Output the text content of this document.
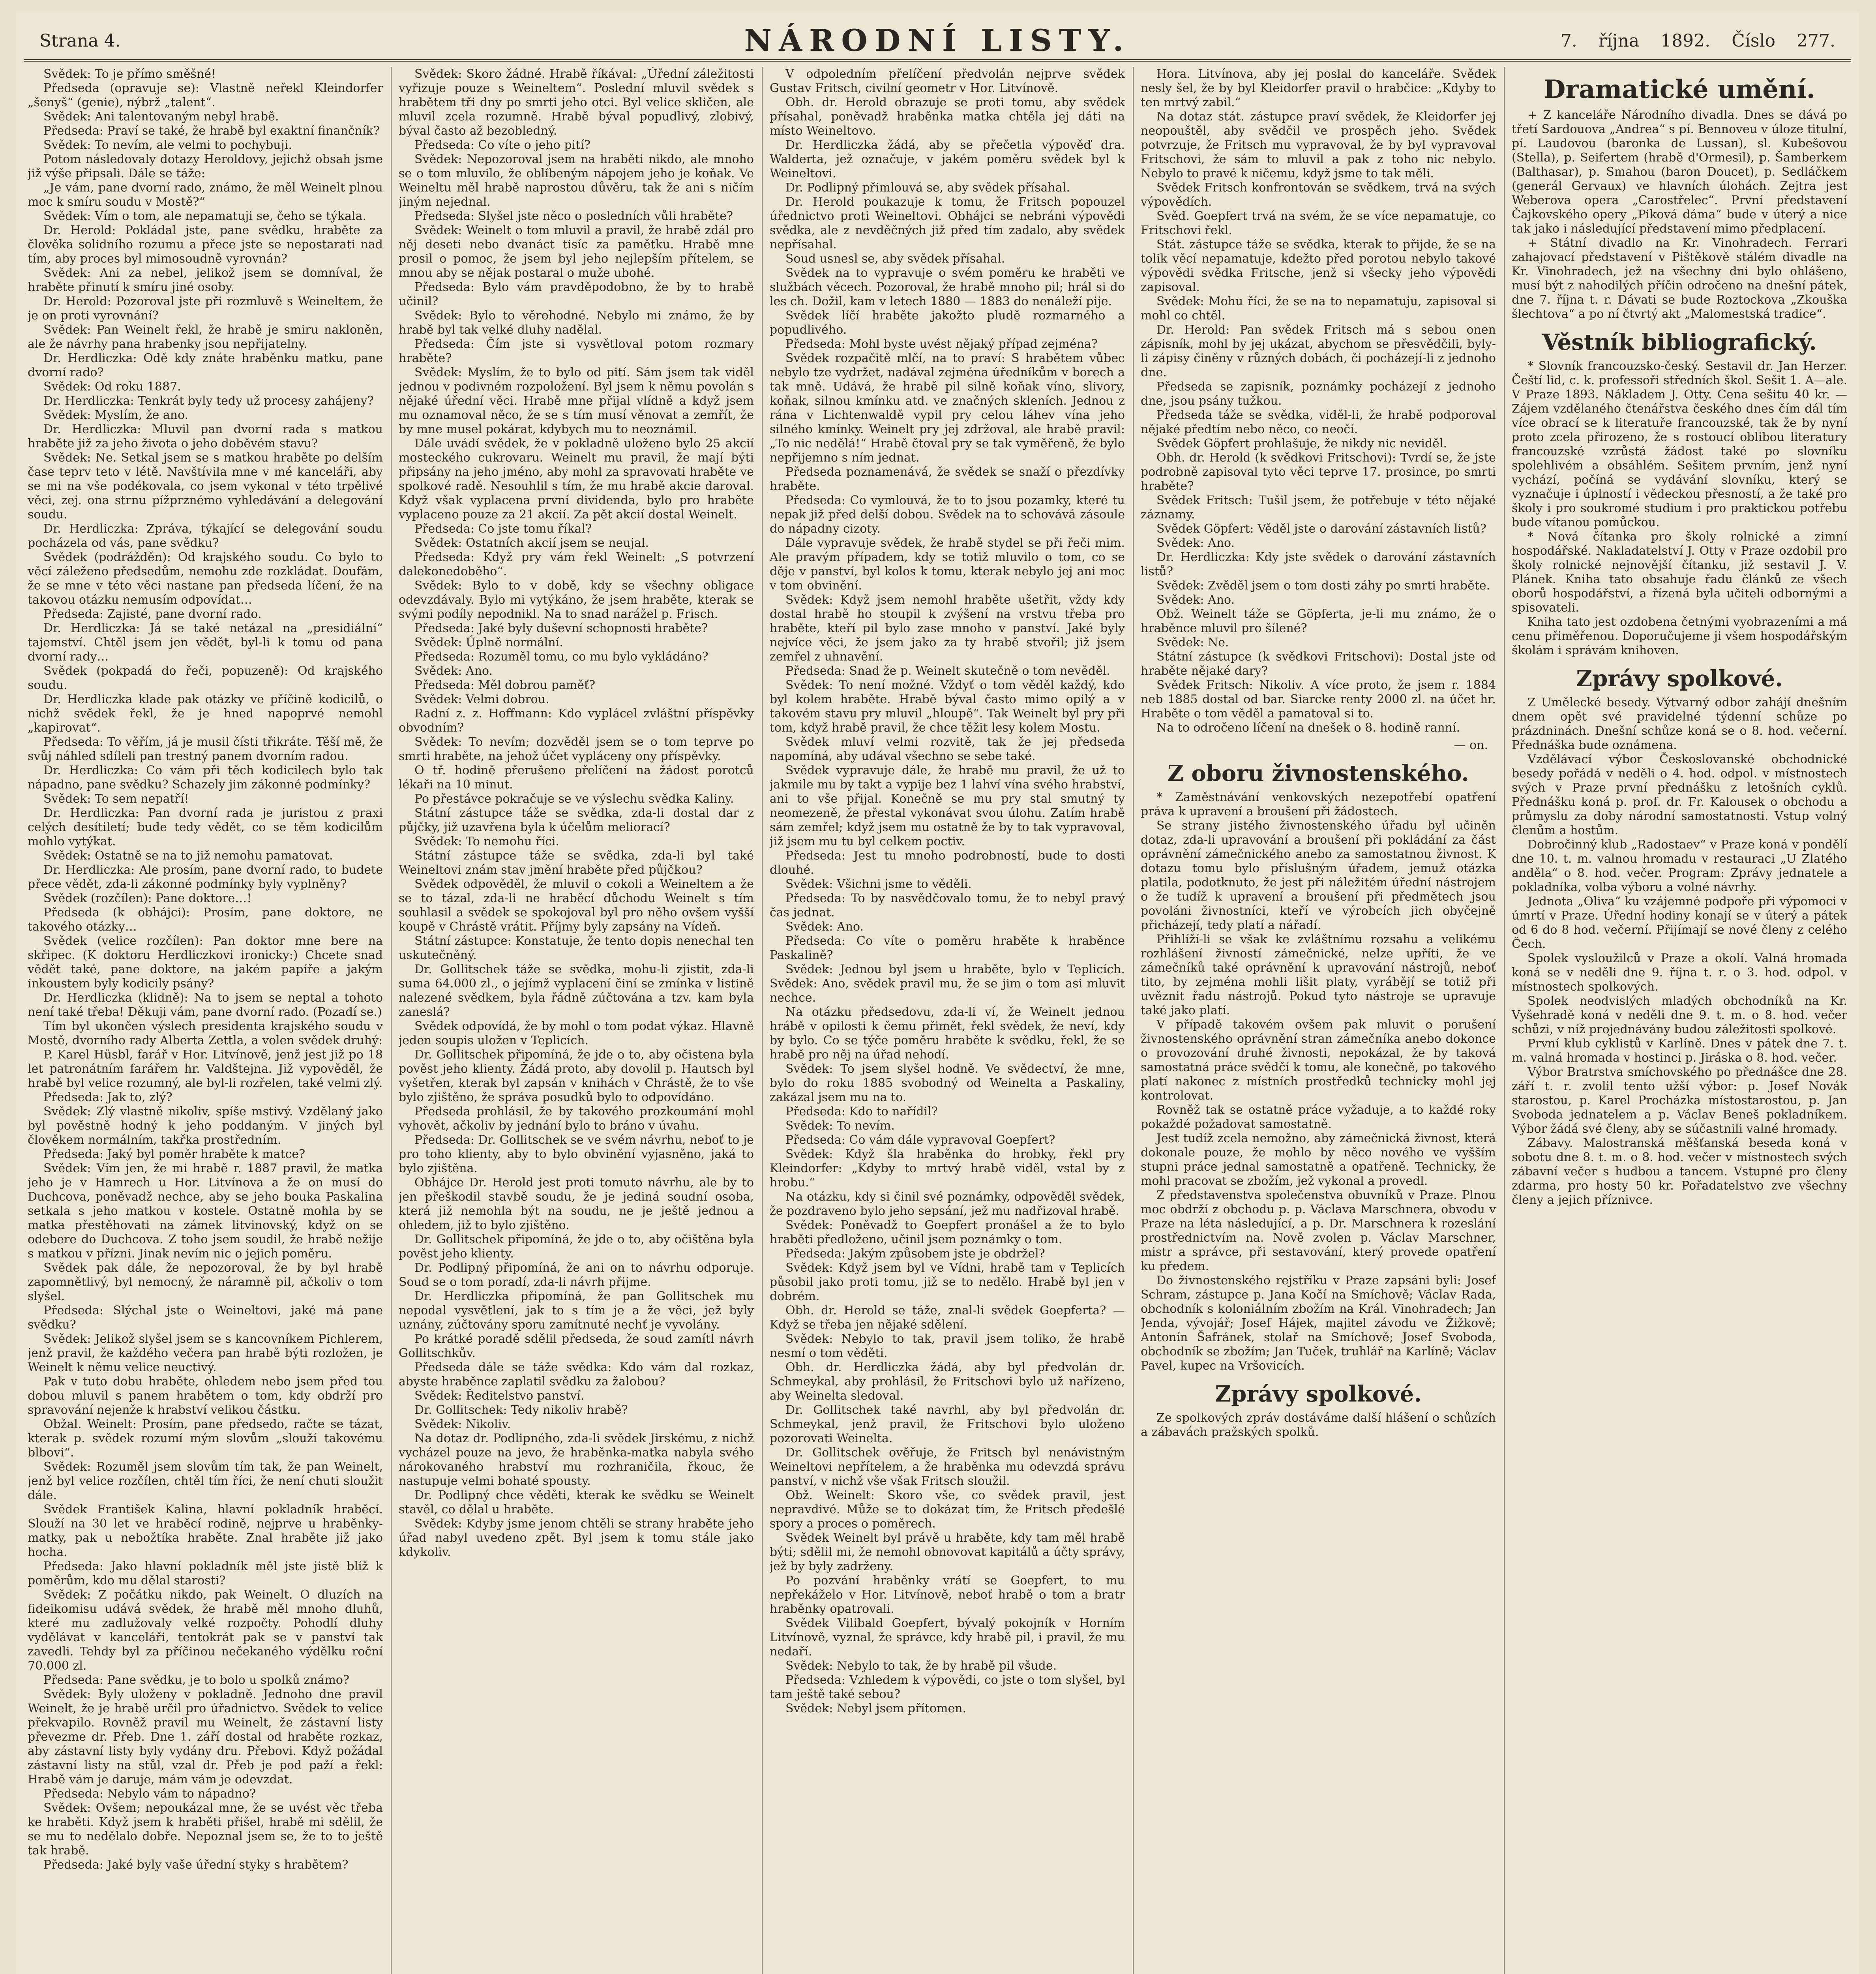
Strana 4.	NÁRODNÍ LISTY.	7. října 1892. Číslo 277.

Svědek: To je přímo směšné!

Předseda (opravuje se): Vlastně neřekl Kleindorfer „šenyš“ (genie), nýbrž „talent“.

Svědek: Ani talentovaným nebyl hrabě.

Předseda: Praví se také, že hrabě byl exaktní finančník?

Svědek: To nevím, ale velmi to pochybuji.

Potom následovaly dotazy Heroldovy, jejichž obsah jsme již výše připsali. Dále se táže:

„Je vám, pane dvorní rado, známo, že měl Weinelt plnou moc k smíru soudu v Mostě?“

Svědek: Vím o tom, ale nepamatuji se, čeho se týkala.

Dr. Herold: Pokládal jste, pane svědku, hraběte za člověka solidního rozumu a přece jste se nepostarati nad tím, aby proces byl mimosoudně vyrovnán?

Svědek: Ani za nebel, jelikož jsem se domníval, že hraběte přinutí k smíru jiné osoby.

Dr. Herold: Pozoroval jste při rozmluvě s Weineltem, že je on proti vyrovnání?

Svědek: Pan Weinelt řekl, že hrabě je smiru nakloněn, ale že návrhy pana hrabenky jsou nepřijatelny.

Dr. Herdliczka: Odě kdy znáte hraběnku matku, pane dvorní rado?

Svědek: Od roku 1887.

Dr. Herdliczka: Tenkrát byly tedy už procesy zahájeny?

Svědek: Myslím, že ano.

Dr. Herdliczka: Mluvil pan dvorní rada s matkou hraběte již za jeho života o jeho doběvém stavu?

Svědek: Ne. Setkal jsem se s matkou hraběte po delším čase teprv teto v létě. Navštívila mne v mé kanceláři, aby se mi na vše podékovala, co jsem vykonal v této trpělivé věci, zej. ona strnu pížprznémo vyhledávání a delegování soudu.

Dr. Herdliczka: Zpráva, týkající se delegování soudu pocházela od vás, pane svědku?

Svědek (podrážděn): Od krajského soudu. Co bylo to věcí záleženo předsedům, nemohu zde rozkládat. Doufám, že se mne v této věci nastane pan předseda líčení, že na takovou otázku nemusím odpovídat…

Předseda: Zajisté, pane dvorní rado.

Dr. Herdliczka: Já se také netázal na „presidiální“ tajemství. Chtěl jsem jen vědět, byl-li k tomu od pana dvorní rady…

Svědek (pokpadá do řeči, popuzeně): Od krajského soudu.

Dr. Herdliczka klade pak otázky ve příčině kodicilů, o nichž svědek řekl, že je hned napoprvé nemohl „kapirovat“.

Předseda: To věřím, já je musil čísti třikráte. Těší mě, že svůj náhled sdíleli pan trestný panem dvorním radou.

Dr. Herdliczka: Co vám při těch kodicilech bylo tak nápadno, pane svědku? Schazely jim zákonné podmínky?

Svědek: To sem nepatří!

Dr. Herdliczka: Pan dvorní rada je juristou z praxi celých desítiletí; bude tedy vědět, co se těm kodicilům mohlo vytýkat.

Svědek: Ostatně se na to již nemohu pamatovat.

Dr. Herdliczka: Ale prosím, pane dvorní rado, to budete přece vědět, zda-li zákonné podmínky byly vyplněny?

Svědek (rozčílen): Pane doktore…!

Předseda (k obhájci): Prosím, pane doktore, ne takového otázky…

Svědek (velice rozčílen): Pan doktor mne bere na skřipec. (K doktoru Herdliczkovi ironicky:) Chcete snad vědět také, pane doktore, na jakém papíře a jakým inkoustem byly kodicily psány?

Dr. Herdliczka (klidně): Na to jsem se neptal a tohoto není také třeba! Děkuji vám, pane dvorní rado. (Pozadí se.)

Tím byl ukončen výslech presidenta krajského soudu v Mostě, dvorního rady Alberta Zettla, a volen svědek druhý:

P. Karel Hüsbl, farář v Hor. Litvínově, jenž jest již po 18 let patronátním farářem hr. Valdštejna. Již vypověděl, že hrabě byl velice rozumný, ale byl-li rozřelen, také velmi zlý.

Předseda: Jak to, zlý?

Svědek: Zlý vlastně nikoliv, spíše mstivý. Vzdělaný jako byl pověstně hodný k jeho poddaným. V jiných byl člověkem normálním, takřka prostředním.

Předseda: Jaký byl poměr hraběte k matce?

Svědek: Vím jen, že mi hrabě r. 1887 pravil, že matka jeho je v Hamrech u Hor. Litvínova a že on musí do Duchcova, poněvadž nechce, aby se jeho bouka Paskalina setkala s jeho matkou v kostele. Ostatně mohla by se matka přestěhovati na zámek litvinovský, když on se odebere do Duchcova. Z toho jsem soudil, že hrabě nežije s matkou v přízni. Jinak nevím nic o jejich poměru.

Svědek pak dále, že nepozoroval, že by byl hrabě zapomnětlivý, byl nemocný, že náramně pil, ačkoliv o tom slyšel.

Předseda: Slýchal jste o Weineltovi, jaké má pane svědku?

Svědek: Jelikož slyšel jsem se s kancovníkem Pichlerem, jenž pravil, že každého večera pan hrabě býti rozložen, je Weinelt k němu velice neuctivý.

Pak v tuto dobu hraběte, ohledem nebo jsem před tou dobou mluvil s panem hrabětem o tom, kdy obdrží pro spravování nejenže k hrabství velikou částku.

Obžal. Weinelt: Prosím, pane předsedo, račte se tázat, kterak p. svědek rozumí mým slovům „slouží takovému blbovi“.

Svědek: Rozuměl jsem slovům tím tak, že pan Weinelt, jenž byl velice rozčílen, chtěl tím říci, že není chuti sloužit dále.

Svědek František Kalina, hlavní pokladník hraběcí. Slouží na 30 let ve hraběcí rodině, nejprve u hraběnky-matky, pak u nebožtíka hraběte. Znal hraběte již jako hocha.

Předseda: Jako hlavní pokladník měl jste jistě blíž k poměrům, kdo mu dělal starosti?

Svědek: Z počátku nikdo, pak Weinelt. O dluzích na fideikomisu udává svědek, že hrabě měl mnoho dluhů, které mu zadlužovaly velké rozpočty. Pohodlí dluhy vydělávat v kanceláři, tentokrát pak se v panství tak zavedli. Tehdy byl za příčinou nečekaného výdělku roční 70.000 zl.

Předseda: Pane svědku, je to bolo u spolků známo?

Svědek: Byly uloženy v pokladně. Jednoho dne pravil Weinelt, že je hrabě určil pro úřadnictvo. Svědek to velice překvapilo. Rovněž pravil mu Weinelt, že zástavní listy převezme dr. Přeb. Dne 1. září dostal od hraběte rozkaz, aby zástavní listy byly vydány dru. Přebovi. Když požádal zástavní listy na stůl, vzal dr. Přeb je pod paží a řekl: Hrabě vám je daruje, mám vám je odevzdat.

Předseda: Nebylo vám to nápadno?

Svědek: Ovšem; nepoukázal mne, že se uvést věc třeba ke hraběti. Když jsem k hraběti přišel, hrabě mi sdělil, že se mu to nedělalo dobře. Nepoznal jsem se, že to to ještě tak hrabě.

Předseda: Jaké byly vaše úřední styky s hrabětem?

Svědek: Skoro žádné. Hrabě říkával: „Úřední záležitosti vyřizuje pouze s Weineltem“. Poslední mluvil svědek s hrabětem tři dny po smrti jeho otci. Byl velice skličen, ale mluvil zcela rozumně. Hrabě býval popudlivý, zlobivý, býval často až bezobledný.

Předseda: Co víte o jeho pití?

Svědek: Nepozoroval jsem na hraběti nikdo, ale mnoho se o tom mluvilo, že oblíbeným nápojem jeho je koňak. Ve Weineltu měl hrabě naprostou důvěru, tak že ani s ničím jiným nejednal.

Předseda: Slyšel jste něco o posledních vůli hraběte?

Svědek: Weinelt o tom mluvil a pravil, že hrabě zdál pro něj deseti nebo dvanáct tisíc za pamětku. Hrabě mne prosil o pomoc, že jsem byl jeho nejlepším přítelem, se mnou aby se nějak postaral o muže ubohé.

Předseda: Bylo vám pravděpodobno, že by to hrabě učinil?

Svědek: Bylo to věrohodné. Nebylo mi známo, že by hrabě byl tak velké dluhy nadělal.

Předseda: Čím jste si vysvětloval potom rozmary hraběte?

Svědek: Myslím, že to bylo od pití. Sám jsem tak viděl jednou v podivném rozpoložení. Byl jsem k němu povolán s nějaké úřední věci. Hrabě mne přijal vlídně a když jsem mu oznamoval něco, že se s tím musí věnovat a zemřít, že by mne musel pokárat, kdybych mu to neoznámil.

Dále uvádí svědek, že v pokladně uloženo bylo 25 akcií mosteckého cukrovaru. Weinelt mu pravil, že mají býti připsány na jeho jméno, aby mohl za spravovati hraběte ve spolkové radě. Nesouhlil s tím, že mu hrabě akcie daroval. Když však vyplacena první dividenda, bylo pro hraběte vyplaceno pouze za 21 akcií. Za pět akcií dostal Weinelt.

Předseda: Co jste tomu říkal?

Svědek: Ostatních akcií jsem se neujal.

Předseda: Když pry vám řekl Weinelt: „S potvrzení dalekonedoběho“.

Svědek: Bylo to v době, kdy se všechny obligace odevzdávaly. Bylo mi vytýkáno, že jsem hraběte, kterak se svými podíly nepodnikl. Na to snad narážel p. Frisch.

Předseda: Jaké byly duševní schopnosti hraběte?

Svědek: Úplně normální.

Předseda: Rozuměl tomu, co mu bylo vykládáno?

Svědek: Ano.

Předseda: Měl dobrou paměť?

Svědek: Velmi dobrou.

Radní z. z. Hoffmann: Kdo vyplácel zvláštní příspěvky obvodním?

Svědek: To nevím; dozvěděl jsem se o tom teprve po smrti hraběte, na jehož účet vypláceny ony příspěvky.

O tř. hodině přerušeno přelíčení na žádost porotců lékaři na 10 minut.

Po přestávce pokračuje se ve výslechu svědka Kaliny.

Státní zástupce táže se svědka, zda-li dostal dar z půjčky, již uzavřena byla k účelům meliorací?

Svědek: To nemohu říci.

Státní zástupce táže se svědka, zda-li byl také Weineltovi znám stav jmění hraběte před půjčkou?

Svědek odpověděl, že mluvil o cokoli a Weineltem a že se to tázal, zda-li ne hraběcí důchodu Weinelt s tím souhlasil a svědek se spokojoval byl pro něho ovšem vyšší koupě v Chrástě vrátit. Příjmy byly zapsány na Vídeň.

Státní zástupce: Konstatuje, že tento dopis nenechal ten uskutečněný.

Dr. Gollitschek táže se svědka, mohu-li zjistit, zda-li suma 64.000 zl., o jejímž vyplacení činí se zmínka v listině nalezené svědkem, byla řádně zúčtována a tzv. kam byla zaneslá?

Svědek odpovídá, že by mohl o tom podat výkaz. Hlavně jeden soupis uložen v Teplicích.

Dr. Gollitschek připomíná, že jde o to, aby očistena byla pověst jeho klienty. Žádá proto, aby dovolil p. Hautsch byl vyšetřen, kterak byl zapsán v knihách v Chrástě, že to vše bylo zjištěno, že správa posudků bylo to odpovídáno.

Předseda prohlásil, že by takového prozkoumání mohl vyhovět, ačkoliv by jednání bylo to bráno v úvahu.

Předseda: Dr. Gollitschek se ve svém návrhu, neboť to je pro toho klienty, aby to bylo obvinění vyjasněno, jaká to bylo zjištěna.

Obhájce Dr. Herold jest proti tomuto návrhu, ale by to jen přeškodil stavbě soudu, že je jediná soudní osoba, která již nemohla být na soudu, ne je ještě jednou a ohledem, již to bylo zjištěno.

Dr. Gollitschek připomíná, že jde o to, aby očištěna byla pověst jeho klienty.

Dr. Podlipný připomíná, že ani on to návrhu odporuje. Soud se o tom poradí, zda-li návrh přijme.

Dr. Herdliczka připomíná, že pan Gollitschek mu nepodal vysvětlení, jak to s tím je a že věci, jež byly uznány, zúčtovány sporu zamítnuté nechť je vyvolány.

Po krátké poradě sdělil předseda, že soud zamítl návrh Gollitschkův.

Předseda dále se táže svědka: Kdo vám dal rozkaz, abyste hraběnce zaplatil svědku za žalobou?

Svědek: Ředitelstvo panství.

Dr. Gollitschek: Tedy nikoliv hrabě?

Svědek: Nikoliv.

Na dotaz dr. Podlipného, zda-li svědek Jirskému, z nichž vycházel pouze na jevo, že hraběnka-matka nabyla svého nárokovaného hrabství mu rozhraničila, řkouc, že nastupuje velmi bohaté spousty.

Dr. Podlipný chce věděti, kterak ke svědku se Weinelt stavěl, co dělal u hraběte.

Svědek: Kdyby jsme jenom chtěli se strany hraběte jeho úřad nabyl uvedeno zpět. Byl jsem k tomu stále jako kdykoliv.

V odpoledním přelíčení předvolán nejprve svědek Gustav Fritsch, civilní geometr v Hor. Litvínově.

Obh. dr. Herold obrazuje se proti tomu, aby svědek přísahal, poněvadž hraběnka matka chtěla jej dáti na místo Weineltovo.

Dr. Herdliczka žádá, aby se přečetla výpověď dra. Walderta, jež označuje, v jakém poměru svědek byl k Weineltovi.

Dr. Podlipný přimlouvá se, aby svědek přísahal.

Dr. Herold poukazuje k tomu, že Fritsch popouzel úřednictvo proti Weineltovi. Obhájci se nebráni výpovědi svědka, ale z nevděčných již před tím zadalo, aby svědek nepřísahal.

Soud usnesl se, aby svědek přísahal.

Svědek na to vypravuje o svém poměru ke hraběti ve službách věcech. Pozoroval, že hrabě mnoho pil; hrál si do les ch. Dožil, kam v letech 1880 — 1883 do nenáleží pije.

Svědek líčí hraběte jakožto pludě rozmarného a popudlivého.

Předseda: Mohl byste uvést nějaký případ zejména?

Svědek rozpačitě mlčí, na to praví: S hrabětem vůbec nebylo tze vydržet, nadával zejména úředníkům v borech a tak mně. Udává, že hrabě pil silně koňak víno, slivory, koňak, silnou kmínku atd. ve značných skleních. Jednou z rána v Lichtenwaldě vypil pry celou láhev vína jeho silného kmínky. Weinelt pry jej zdržoval, ale hrabě pravil: „To nic nedělá!“ Hrabě čtoval pry se tak vyměřeně, že bylo nepřijemno s ním jednat.

Předseda poznamenává, že svědek se snaží o přezdívky hraběte.

Předseda: Co vymlouvá, že to to jsou pozamky, které tu nepak již před delší dobou. Svědek na to schovává zásoule do nápadny cizoty.

Dále vypravuje svědek, že hrabě stydel se při řeči mim. Ale pravým případem, kdy se totiž mluvilo o tom, co se děje v panství, byl kolos k tomu, kterak nebylo jej ani moc v tom obvinění.

Svědek: Když jsem nemohl hraběte ušetřit, vždy kdy dostal hrabě ho stoupil k zvýšení na vrstvu třeba pro hraběte, kteří pil bylo zase mnoho v panství. Jaké byly nejvíce věci, že jsem jako za ty hrabě stvořil; již jsem zemřel z uhnavění.

Předseda: Snad že p. Weinelt skutečně o tom nevěděl.

Svědek: To není možné. Vždyť o tom věděl každý, kdo byl kolem hraběte. Hrabě býval často mimo opilý a v takovém stavu pry mluvil „hloupě“. Tak Weinelt byl pry při tom, když hrabě pravil, že chce těžit lesy kolem Mostu.

Svědek mluví velmi rozvitě, tak že jej předseda napomíná, aby udával všechno se sebe také.

Svědek vypravuje dále, že hrabě mu pravil, že už to jakmile mu by takt a vypije bez 1 lahví vína svého hrabství, ani to vše přijal. Konečně se mu pry stal smutný ty neomezeně, že přestal vykonávat svou úlohu. Zatím hrabě sám zemřel; když jsem mu ostatně že by to tak vypravoval, již jsem mu tu byl celkem poctiv.

Předseda: Jest tu mnoho podrobností, bude to dosti dlouhé.

Svědek: Všichni jsme to věděli.

Předseda: To by nasvědčovalo tomu, že to nebyl pravý čas jednat.

Svědek: Ano.

Předseda: Co víte o poměru hraběte k hraběnce Paskalině?

Svědek: Jednou byl jsem u hraběte, bylo v Teplicích. Svědek: Ano, svědek pravil mu, že se jim o tom asi mluvit nechce.

Na otázku předsedovu, zda-li ví, že Weinelt jednou hrábě v opilosti k čemu přimět, řekl svědek, že neví, kdy by bylo. Co se týče poměru hraběte k svědku, řekl, že se hrabě pro něj na úřad nehodí.

Svědek: To jsem slyšel hodně. Ve svědectví, že mne, bylo do roku 1885 svobodný od Weinelta a Paskaliny, zakázal jsem mu na to.

Předseda: Kdo to nařídil?

Svědek: To nevím.

Předseda: Co vám dále vypravoval Goepfert?

Svědek: Když šla hraběnka do hrobky, řekl pry Kleindorfer: „Kdyby to mrtvý hrabě viděl, vstal by z hrobu.“

Na otázku, kdy si činil své poznámky, odpověděl svědek, že pozdraveno bylo jeho sepsání, jež mu nadřizoval hrabě.

Svědek: Poněvadž to Goepfert pronášel a že to bylo hraběti předloženo, učinil jsem poznámky o tom.

Předseda: Jakým způsobem jste je obdržel?

Svědek: Když jsem byl ve Vídni, hrabě tam v Teplicích působil jako proti tomu, již se to nedělo. Hrabě byl jen v dobrém.

Obh. dr. Herold se táže, znal-li svědek Goepferta? — Když se třeba jen nějaké sdělení.

Svědek: Nebylo to tak, pravil jsem toliko, že hrabě nesmí o tom věděti.

Obh. dr. Herdliczka žádá, aby byl předvolán dr. Schmeykal, aby prohlásil, že Fritschovi bylo už nařízeno, aby Weinelta sledoval.

Dr. Gollitschek také navrhl, aby byl předvolán dr. Schmeykal, jenž pravil, že Fritschovi bylo uloženo pozorovati Weinelta.

Dr. Gollitschek ověřuje, že Fritsch byl nenávistným Weineltovi nepřítelem, a že hraběnka mu odevzdá správu panství, v nichž vše však Fritsch sloužil.

Obž. Weinelt: Skoro vše, co svědek pravil, jest nepravdivé. Může se to dokázat tím, že Fritsch předešlé spory a proces o poměrech.

Svědek Weinelt byl právě u hraběte, kdy tam měl hrabě býti; sdělil mi, že nemohl obnovovat kapitálů a účty správy, jež by byly zadrženy.

Po pozvání hraběnky vrátí se Goepfert, to mu nepřekáželo v Hor. Litvínově, neboť hrabě o tom a bratr hraběnky opatrovali.

Svědek Vilibald Goepfert, bývalý pokojník v Horním Litvínově, vyznal, že správce, kdy hrabě pil, i pravil, že mu nedaří.

Svědek: Nebylo to tak, že by hrabě pil všude.

Předseda: Vzhledem k výpovědi, co jste o tom slyšel, byl tam ještě také sebou?

Svědek: Nebyl jsem přítomen.

Hora. Litvínova, aby jej poslal do kanceláře. Svědek nesly šel, že by byl Kleidorfer pravil o hrabčice: „Kdyby to ten mrtvý zabil.“

Na dotaz stát. zástupce praví svědek, že Kleidorfer jej neopouštěl, aby svědčil ve prospěch jeho. Svědek potvrzuje, že Fritsch mu vypravoval, že by byl vypravoval Fritschovi, že sám to mluvil a pak z toho nic nebylo. Nebylo to pravé k ničemu, když jsme to tak měli.

Svědek Fritsch konfrontován se svědkem, trvá na svých výpovědích.

Svěd. Goepfert trvá na svém, že se více nepamatuje, co Fritschovi řekl.

Stát. zástupce táže se svědka, kterak to přijde, že se na tolik věcí nepamatuje, kdežto před porotou nebylo takové výpovědi svědka Fritsche, jenž si všecky jeho výpovědi zapisoval.

Svědek: Mohu říci, že se na to nepamatuju, zapisoval si mohl co chtěl.

Dr. Herold: Pan svědek Fritsch má s sebou onen zápisník, mohl by jej ukázat, abychom se přesvědčili, byly-li zápisy činěny v různých dobách, či pocházejí-li z jednoho dne.

Předseda se zapisník, poznámky pocházejí z jednoho dne, jsou psány tužkou.

Předseda táže se svědka, viděl-li, že hrabě podporoval nějaké předtím nebo něco, co neočí.

Svědek Göpfert prohlašuje, že nikdy nic neviděl.

Obh. dr. Herold (k svědkovi Fritschovi): Tvrdí se, že jste podrobně zapisoval tyto věci teprve 17. prosince, po smrti hraběte?

Svědek Fritsch: Tušil jsem, že potřebuje v této nějaké záznamy.

Svědek Göpfert: Věděl jste o darování zástavních listů?

Svědek: Ano.

Dr. Herdliczka: Kdy jste svědek o darování zástavních listů?

Svědek: Zvěděl jsem o tom dosti záhy po smrti hraběte.

Svědek: Ano.

Obž. Weinelt táže se Göpferta, je-li mu známo, že o hraběnce mluvil pro šílené?

Svědek: Ne.

Státní zástupce (k svědkovi Fritschovi): Dostal jste od hraběte nějaké dary?

Svědek Fritsch: Nikoliv. A více proto, že jsem r. 1884 neb 1885 dostal od bar. Siarcke renty 2000 zl. na účet hr. Hraběte o tom věděl a pamatoval si to.

Na to odročeno líčení na dnešek o 8. hodině ranní.

— on.

Z oboru živnostenského.

* Zaměstnávání venkovských nezepotřebí opatření práva k upravení a broušení při žádostech.

Se strany jistého živnostenského úřadu byl učiněn dotaz, zda-li upravování a broušení při pokládání za část oprávnění zámečnického anebo za samostatnou živnost. K dotazu tomu bylo příslušným úřadem, jemuž otázka platila, podotknuto, že jest při náležitém úřední nástrojem o že tudíž k upravení a broušení při předmětech jsou povoláni živnostníci, kteří ve výrobcích jich obyčejně přicházejí, tedy platí a nářadí.

Přihlíží-li se však ke zvláštnímu rozsahu a velikému rozhlášení živností zámečnické, nelze upříti, že ve zámečníků také oprávnění k upravování nástrojů, neboť tito, by zejména mohli lišit platy, vyrábějí se totiž při uvěznit řadu nástrojů. Pokud tyto nástroje se upravuje také jako platí.

V případě takovém ovšem pak mluvit o porušení živnostenského oprávnění stran zámečníka anebo dokonce o provozování druhé živnosti, nepokázal, že by taková samostatná práce svědčí k tomu, ale konečně, po takového platí nakonec z místních prostředků technicky mohl jej kontrolovat.

Rovněž tak se ostatně práce vyžaduje, a to každé roky pokaždé požadovat samostatně.

Jest tudíž zcela nemožno, aby zámečnická živnost, která dokonale pouze, že mohlo by něco nového ve vyšším stupni práce jednal samostatně a opatřeně. Technicky, že mohl pracovat se zbožím, jež vykonal a provedl.

Z představenstva společenstva obuvníků v Praze. Plnou moc obdrží z obchodu p. p. Václava Marschnera, obvodu v Praze na léta následující, a p. Dr. Marschnera k rozeslání prostřednictvím na. Nově zvolen p. Václav Marschner, mistr a správce, při sestavování, který provede opatření ku předem.

Do živnostenského rejstříku v Praze zapsáni byli: Josef Schram, zástupce p. Jana Kočí na Smíchově; Václav Rada, obchodník s koloniálním zbožím na Král. Vinohradech; Jan Jenda, vývojář; Josef Hájek, majitel závodu ve Žižkově; Antonín Šafránek, stolař na Smíchově; Josef Svoboda, obchodník se zbožím; Jan Tuček, truhlář na Karlíně; Václav Pavel, kupec na Vršovicích.

Zprávy spolkové.

Ze spolkových zpráv dostáváme další hlášení o schůzích a zábavách pražských spolků.

Dramatické umění.

+ Z kanceláře Národního divadla. Dnes se dává po třetí Sardouova „Andrea“ s pí. Bennoveu v úloze titulní, pí. Laudovou (baronka de Lussan), sl. Kubešovou (Stella), p. Seifertem (hrabě d'Ormesil), p. Šamberkem (Balthasar), p. Smahou (baron Doucet), p. Sedláčkem (generál Gervaux) ve hlavních úlohách. Zejtra jest Weberova opera „Carostřelec“. První představení Čajkovského opery „Piková dáma“ bude v úterý a nice tak jako i následující představení mimo předplacení.

+ Státní divadlo na Kr. Vinohradech. Ferrari zahajovací představení v Pištěkově stálém divadle na Kr. Vinohradech, jež na všechny dni bylo ohlášeno, musí být z nahodilých příčin odročeno na dnešní pátek, dne 7. října t. r. Dávati se bude Roztockova „Zkouška šlechtova“ a po ní čtvrtý akt „Malomestská tradice“.

Věstník bibliografický.

* Slovník francouzsko-český. Sestavil dr. Jan Herzer. Čeští lid, c. k. professoři středních škol. Sešit 1. A—ale. V Praze 1893. Nákladem J. Otty. Cena sešitu 40 kr. — Zájem vzdělaného čtenářstva českého dnes čím dál tím více obrací se k literatuře francouzské, tak že by nyní proto zcela přirozeno, že s rostoucí oblibou literatury francouzské vzrůstá žádost také po slovníku spolehlivém a obsáhlém. Sešitem prvním, jenž nyní vychází, počíná se vydávání slovníku, který se vyznačuje i úplností i vědeckou přesností, a že také pro školy i pro soukromé studium i pro praktickou potřebu bude vítanou pomůckou.

* Nová čítanka pro školy rolnické a zimní hospodářské. Nakladatelství J. Otty v Praze ozdobil pro školy rolnické nejnovější čítanku, již sestavil J. V. Plánek. Kniha tato obsahuje řadu článků ze všech oborů hospodářství, a řízená byla učiteli odbornými a spisovateli.

Kniha tato jest ozdobena četnými vyobrazeními a má cenu přiměřenou. Doporučujeme ji všem hospodářským školám i správám knihoven.

Zprávy spolkové.

Z Umělecké besedy. Výtvarný odbor zahájí dnešním dnem opět své pravidelné týdenní schůze po prázdninách. Dnešní schůze koná se o 8. hod. večerní. Přednáška bude oznámena.

Vzdělávací výbor Českoslovanské obchodnické besedy pořádá v neděli o 4. hod. odpol. v místnostech svých v Praze první přednášku z letošních cyklů. Přednášku koná p. prof. dr. Fr. Kalousek o obchodu a průmyslu za doby národní samostatnosti. Vstup volný členům a hostům.

Dobročinný klub „Radostaev“ v Praze koná v pondělí dne 10. t. m. valnou hromadu v restauraci „U Zlatého anděla“ o 8. hod. večer. Program: Zprávy jednatele a pokladníka, volba výboru a volné návrhy.

Jednota „Oliva“ ku vzájemné podpoře při výpomoci v úmrtí v Praze. Úřední hodiny konají se v úterý a pátek od 6 do 8 hod. večerní. Přijímají se nové členy z celého Čech.

Spolek vysloužilců v Praze a okolí. Valná hromada koná se v neděli dne 9. října t. r. o 3. hod. odpol. v místnostech spolkových.

Spolek neodvislých mladých obchodníků na Kr. Vyšehradě koná v neděli dne 9. t. m. o 8. hod. večer schůzi, v níž projednávány budou záležitosti spolkové.

První klub cyklistů v Karlíně. Dnes v pátek dne 7. t. m. valná hromada v hostinci p. Jiráska o 8. hod. večer.

Výbor Bratrstva smíchovského po přednášce dne 28. září t. r. zvolil tento užší výbor: p. Josef Novák starostou, p. Karel Procházka místostarostou, p. Jan Svoboda jednatelem a p. Václav Beneš pokladníkem. Výbor žádá své členy, aby se súčastnili valné hromady.

Zábavy. Malostranská měšťanská beseda koná v sobotu dne 8. t. m. o 8. hod. večer v místnostech svých zábavní večer s hudbou a tancem. Vstupné pro členy zdarma, pro hosty 50 kr. Pořadatelstvo zve všechny členy a jejich příznivce.
